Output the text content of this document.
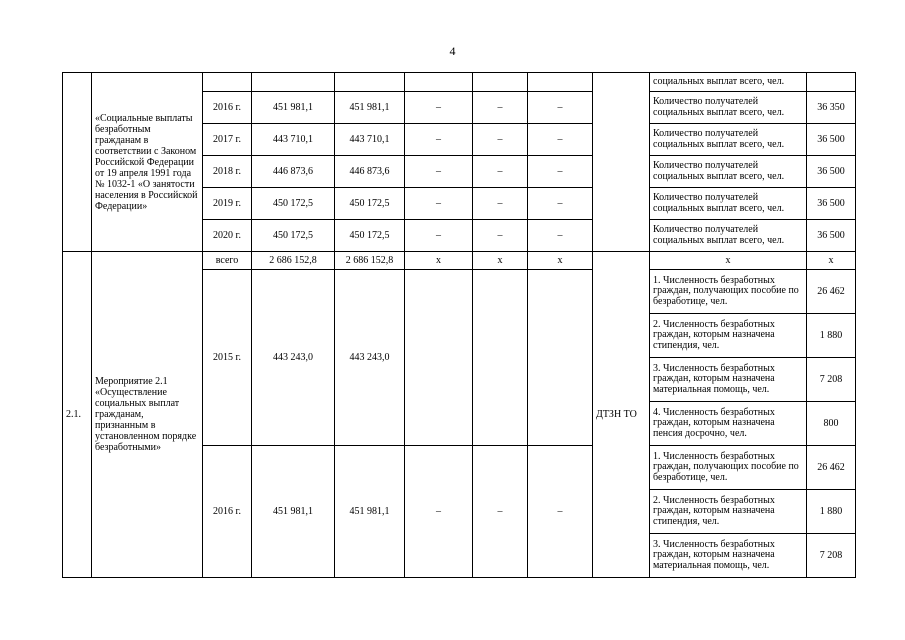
4
	«Социальные выплаты безработным гражданам в соответствии с Законом Российской Федерации от 19 апреля 1991 года № 1032-1 «О занятости населения в Российской Федерации»								социальных выплат всего, чел.	
		2016 г.	451 981,1	451 981,1	–	–	–		Количество получателей социальных выплат всего, чел.	36 350
		2017 г.	443 710,1	443 710,1	–	–	–		Количество получателей социальных выплат всего, чел.	36 500
		2018 г.	446 873,6	446 873,6	–	–	–		Количество получателей социальных выплат всего, чел.	36 500
		2019 г.	450 172,5	450 172,5	–	–	–		Количество получателей социальных выплат всего, чел.	36 500
		2020 г.	450 172,5	450 172,5	–	–	–		Количество получателей социальных выплат всего, чел.	36 500
2.1.	Мероприятие 2.1 «Осуществление социальных выплат гражданам, признанным в установленном порядке безработными»	всего	2 686 152,8	2 686 152,8	х	х	х	ДТЗН ТО	х	х
		2015 г.	443 243,0	443 243,0					1. Численность безработных граждан, получающих пособие по безработице, чел.	26 462
									2. Численность безработных граждан, которым назначена стипендия, чел.	1 880
									3. Численность безработных граждан, которым назначена материальная помощь, чел.	7 208
									4. Численность безработных граждан, которым назначена пенсия досрочно, чел.	800
		2016 г.	451 981,1	451 981,1	–	–	–		1. Численность безработных граждан, получающих пособие по безработице, чел.	26 462
									2. Численность безработных граждан, которым назначена стипендия, чел.	1 880
									3. Численность безработных граждан, которым назначена материальная помощь, чел.	7 208
